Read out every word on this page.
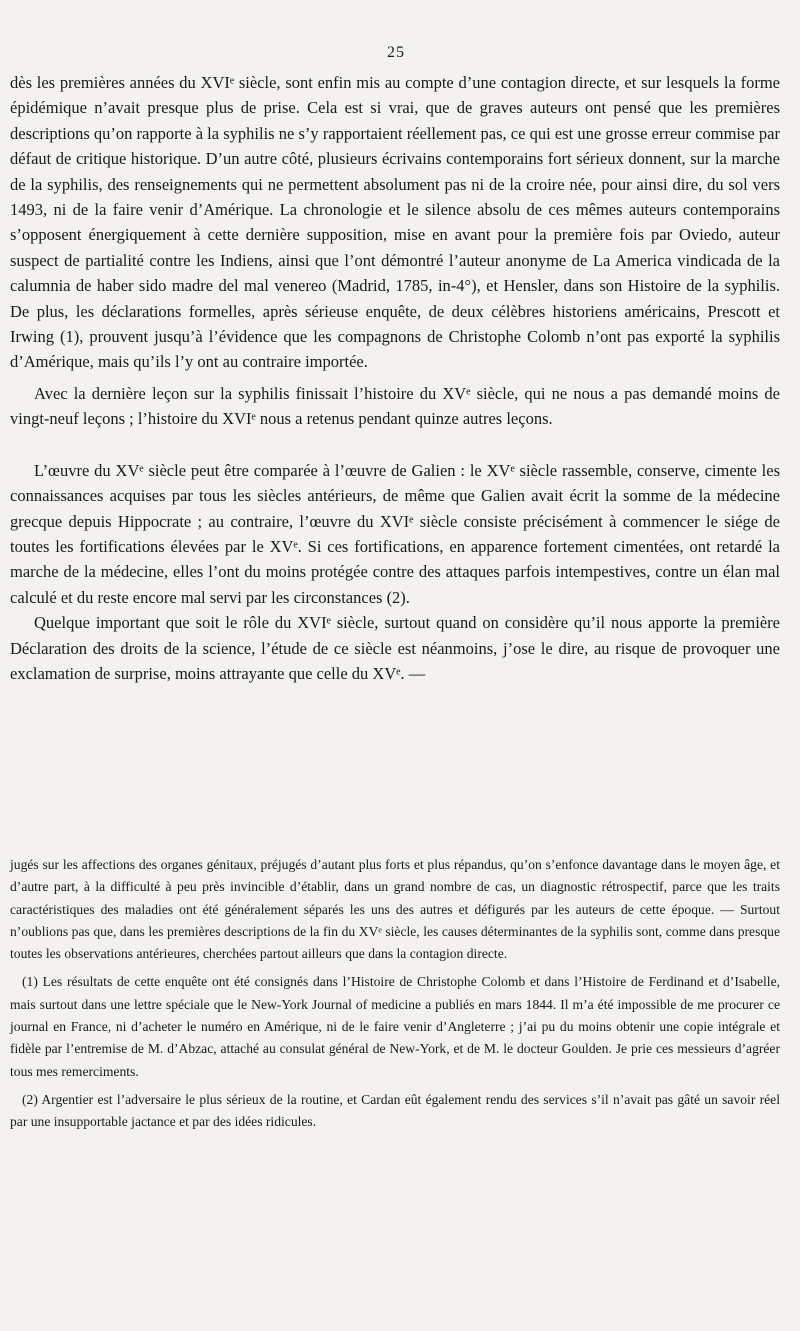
25

dès les premières années du XVIᵉ siècle, sont enfin mis au compte d’une contagion directe, et sur lesquels la forme épidémique n’avait presque plus de prise. Cela est si vrai, que de graves auteurs ont pensé que les premières descriptions qu’on rapporte à la syphilis ne s’y rapportaient réellement pas, ce qui est une grosse erreur commise par défaut de critique historique. D’un autre côté, plusieurs écrivains contemporains fort sérieux donnent, sur la marche de la syphilis, des renseignements qui ne permettent absolument pas ni de la croire née, pour ainsi dire, du sol vers 1493, ni de la faire venir d’Amérique. La chronologie et le silence absolu de ces mêmes auteurs contemporains s’opposent énergiquement à cette dernière supposition, mise en avant pour la première fois par Oviedo, auteur suspect de partialité contre les Indiens, ainsi que l’ont démontré l’auteur anonyme de La America vindicada de la calumnia de haber sido madre del mal venereo (Madrid, 1785, in-4°), et Hensler, dans son Histoire de la syphilis. De plus, les déclarations formelles, après sérieuse enquête, de deux célèbres historiens américains, Prescott et Irwing (1), prouvent jusqu’à l’évidence que les compagnons de Christophe Colomb n’ont pas exporté la syphilis d’Amérique, mais qu’ils l’y ont au contraire importée.

Avec la dernière leçon sur la syphilis finissait l’histoire du XVᵉ siècle, qui ne nous a pas demandé moins de vingt-neuf leçons ; l’histoire du XVIᵉ nous a retenus pendant quinze autres leçons.

L’œuvre du XVᵉ siècle peut être comparée à l’œuvre de Galien : le XVᵉ siècle rassemble, conserve, cimente les connaissances acquises par tous les siècles antérieurs, de même que Galien avait écrit la somme de la médecine grecque depuis Hippocrate ; au contraire, l’œuvre du XVIᵉ siècle consiste précisément à commencer le siége de toutes les fortifications élevées par le XVᵉ. Si ces fortifications, en apparence fortement cimentées, ont retardé la marche de la médecine, elles l’ont du moins protégée contre des attaques parfois intempestives, contre un élan mal calculé et du reste encore mal servi par les circonstances (2).

Quelque important que soit le rôle du XVIᵉ siècle, surtout quand on considère qu’il nous apporte la première Déclaration des droits de la science, l’étude de ce siècle est néanmoins, j’ose le dire, au risque de provoquer une exclamation de surprise, moins attrayante que celle du XVᵉ. —

jugés sur les affections des organes génitaux, préjugés d’autant plus forts et plus répandus, qu’on s’enfonce davantage dans le moyen âge, et d’autre part, à la difficulté à peu près invincible d’établir, dans un grand nombre de cas, un diagnostic rétrospectif, parce que les traits caractéristiques des maladies ont été généralement séparés les uns des autres et défigurés par les auteurs de cette époque. — Surtout n’oublions pas que, dans les premières descriptions de la fin du XVᵉ siècle, les causes déterminantes de la syphilis sont, comme dans presque toutes les observations antérieures, cherchées partout ailleurs que dans la contagion directe.

(1) Les résultats de cette enquête ont été consignés dans l’Histoire de Christophe Colomb et dans l’Histoire de Ferdinand et d’Isabelle, mais surtout dans une lettre spéciale que le New-York Journal of medicine a publiés en mars 1844. Il m’a été impossible de me procurer ce journal en France, ni d’acheter le numéro en Amérique, ni de le faire venir d’Angleterre ; j’ai pu du moins obtenir une copie intégrale et fidèle par l’entremise de M. d’Abzac, attaché au consulat général de New-York, et de M. le docteur Goulden. Je prie ces messieurs d’agréer tous mes remerciments.

(2) Argentier est l’adversaire le plus sérieux de la routine, et Cardan eût également rendu des services s’il n’avait pas gâté un savoir réel par une insupportable jactance et par des idées ridicules.
